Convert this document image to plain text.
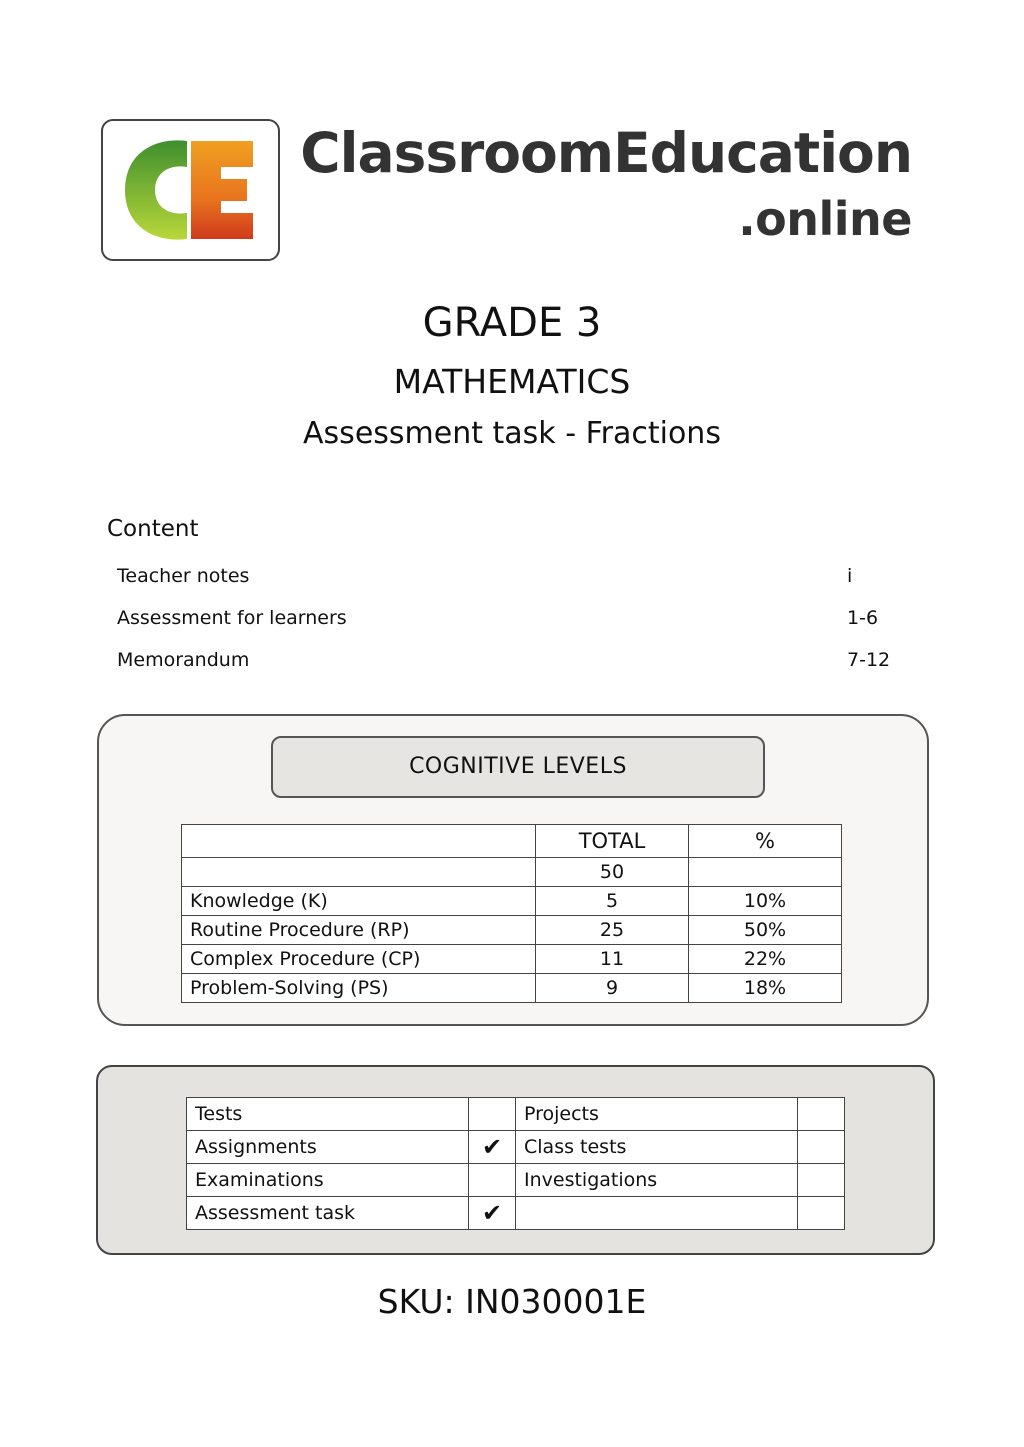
ClassroomEducation
.online
GRADE 3
MATHEMATICS
Assessment task - Fractions
Content
Teacher notes	i
Assessment for learners	1-6
Memorandum	7-12
COGNITIVE LEVELS
	TOTAL	%
	50	
Knowledge (K)	5	10%
Routine Procedure (RP)	25	50%
Complex Procedure (CP)	11	22%
Problem-Solving (PS)	9	18%
Tests		Projects	
Assignments	✔	Class tests	
Examinations		Investigations	
Assessment task	✔		
SKU: IN030001E
